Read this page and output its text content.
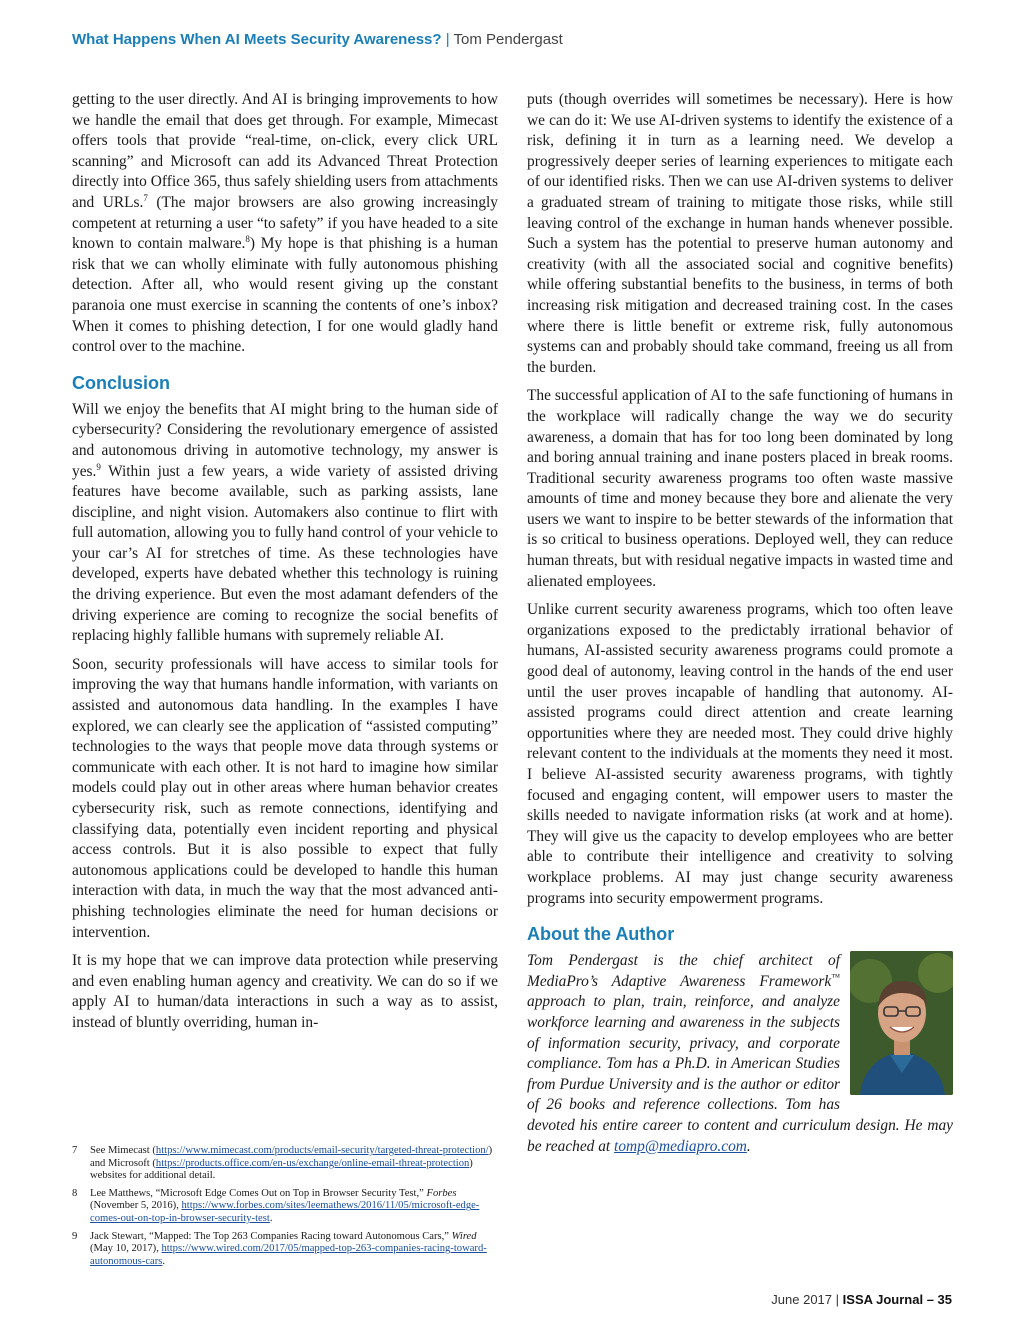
What Happens When AI Meets Security Awareness? | Tom Pendergast

getting to the user directly. And AI is bringing improvements to how we handle the email that does get through. For example, Mimecast offers tools that provide “real-time, on-click, every click URL scanning” and Microsoft can add its Advanced Threat Protection directly into Office 365, thus safely shielding users from attachments and URLs.$^7$ (The major browsers are also growing increasingly competent at returning a user “to safety” if you have headed to a site known to contain malware.$^8$) My hope is that phishing is a human risk that we can wholly eliminate with fully autonomous phishing detection. After all, who would resent giving up the constant paranoia one must exercise in scanning the contents of one’s inbox? When it comes to phishing detection, I for one would gladly hand control over to the machine.

Conclusion

Will we enjoy the benefits that AI might bring to the human side of cybersecurity? Considering the revolutionary emergence of assisted and autonomous driving in automotive technology, my answer is yes.$^9$ Within just a few years, a wide variety of assisted driving features have become available, such as parking assists, lane discipline, and night vision. Automakers also continue to flirt with full automation, allowing you to fully hand control of your vehicle to your car’s AI for stretches of time. As these technologies have developed, experts have debated whether this technology is ruining the driving experience. But even the most adamant defenders of the driving experience are coming to recognize the social benefits of replacing highly fallible humans with supremely reliable AI.

Soon, security professionals will have access to similar tools for improving the way that humans handle information, with variants on assisted and autonomous data handling. In the examples I have explored, we can clearly see the application of “assisted computing” technologies to the ways that people move data through systems or communicate with each other. It is not hard to imagine how similar models could play out in other areas where human behavior creates cybersecurity risk, such as remote connections, identifying and classifying data, potentially even incident reporting and physical access controls. But it is also possible to expect that fully autonomous applications could be developed to handle this human interaction with data, in much the way that the most advanced anti-phishing technologies eliminate the need for human decisions or intervention.

It is my hope that we can improve data protection while preserving and even enabling human agency and creativity. We can do so if we apply AI to human/data interactions in such a way as to assist, instead of bluntly overriding, human in-

7	See Mimecast (https://www.mimecast.com/products/email-security/targeted-threat-protection/) and Microsoft (https://products.office.com/en-us/exchange/online-email-threat-protection) websites for additional detail.
8	Lee Matthews, “Microsoft Edge Comes Out on Top in Browser Security Test,” Forbes (November 5, 2016), https://www.forbes.com/sites/leemathews/2016/11/05/microsoft-edge-comes-out-on-top-in-browser-security-test.
9	Jack Stewart, “Mapped: The Top 263 Companies Racing toward Autonomous Cars,” Wired (May 10, 2017), https://www.wired.com/2017/05/mapped-top-263-companies-racing-toward-autonomous-cars.

puts (though overrides will sometimes be necessary). Here is how we can do it: We use AI-driven systems to identify the existence of a risk, defining it in turn as a learning need. We develop a progressively deeper series of learning experiences to mitigate each of our identified risks. Then we can use AI-driven systems to deliver a graduated stream of training to mitigate those risks, while still leaving control of the exchange in human hands whenever possible. Such a system has the potential to preserve human autonomy and creativity (with all the associated social and cognitive benefits) while offering substantial benefits to the business, in terms of both increasing risk mitigation and decreased training cost. In the cases where there is little benefit or extreme risk, fully autonomous systems can and probably should take command, freeing us all from the burden.

The successful application of AI to the safe functioning of humans in the workplace will radically change the way we do security awareness, a domain that has for too long been dominated by long and boring annual training and inane posters placed in break rooms. Traditional security awareness programs too often waste massive amounts of time and money because they bore and alienate the very users we want to inspire to be better stewards of the information that is so critical to business operations. Deployed well, they can reduce human threats, but with residual negative impacts in wasted time and alienated employees.

Unlike current security awareness programs, which too often leave organizations exposed to the predictably irrational behavior of humans, AI-assisted security awareness programs could promote a good deal of autonomy, leaving control in the hands of the end user until the user proves incapable of handling that autonomy. AI-assisted programs could direct attention and create learning opportunities where they are needed most. They could drive highly relevant content to the individuals at the moments they need it most. I believe AI-assisted security awareness programs, with tightly focused and engaging content, will empower users to master the skills needed to navigate information risks (at work and at home). They will give us the capacity to develop employees who are better able to contribute their intelligence and creativity to solving workplace problems. AI may just change security awareness programs into security empowerment programs.

About the Author

Tom Pendergast is the chief architect of MediaPro’s Adaptive Awareness Framework™ approach to plan, train, reinforce, and analyze workforce learning and awareness in the subjects of information security, privacy, and corporate compliance. Tom has a Ph.D. in American Studies from Purdue University and is the author or editor of 26 books and reference collections. Tom has devoted his entire career to content and curriculum design. He may be reached at tomp@mediapro.com.

June 2017 | ISSA Journal – 35
